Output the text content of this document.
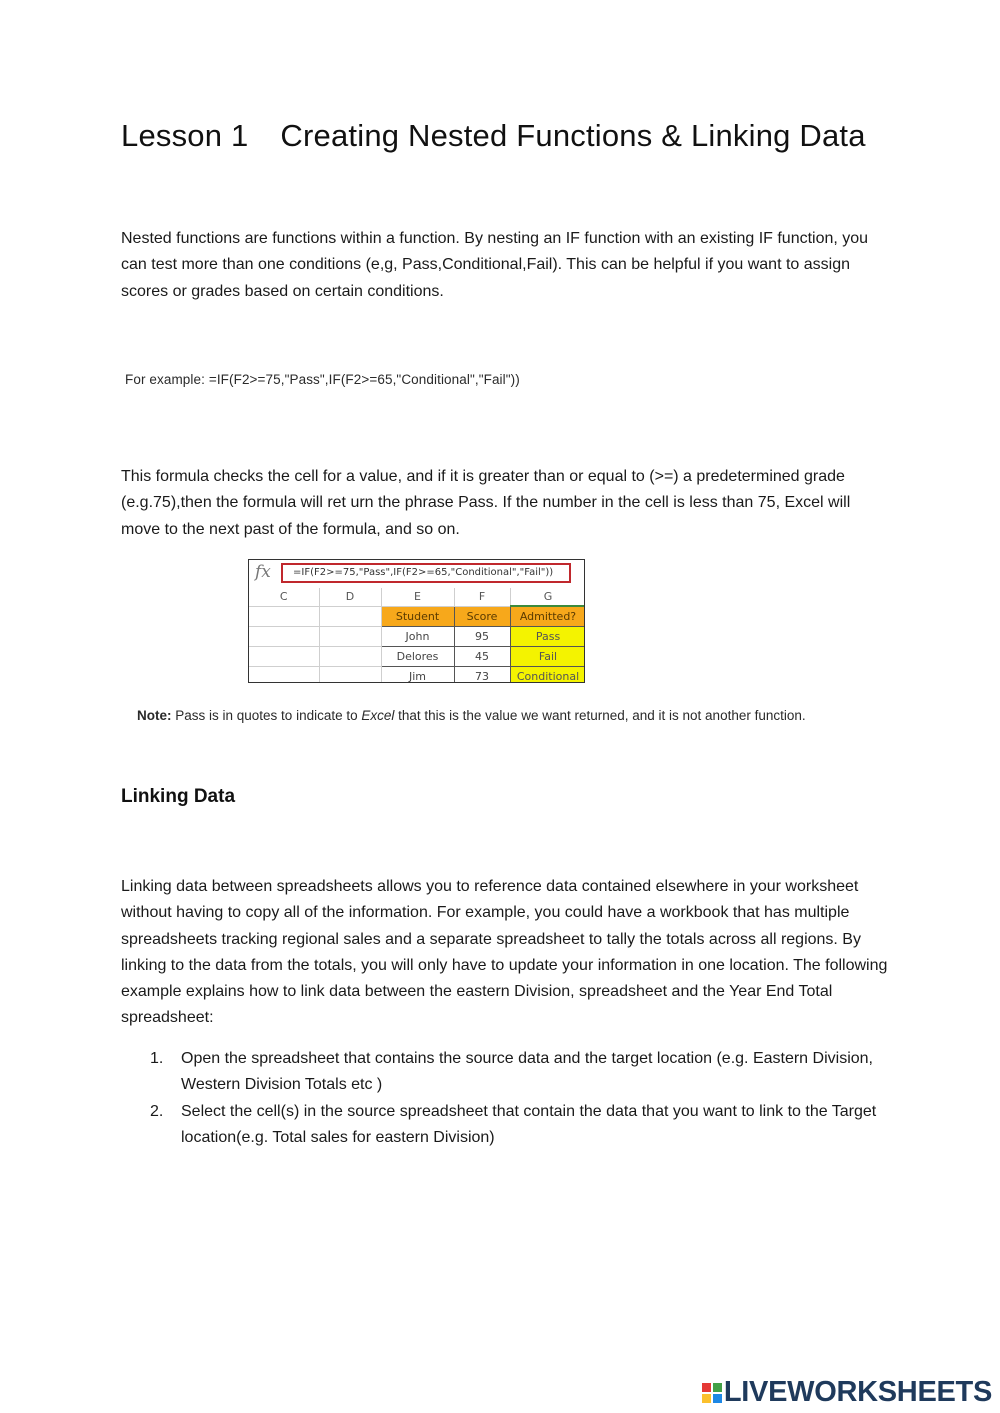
Lesson 1 Creating Nested Functions & Linking Data

Nested functions are functions within a function. By nesting an IF function with an existing IF function, you can test more than one conditions (e,g, Pass,Conditional,Fail). This can be helpful if you want to assign scores or grades based on certain conditions.

For example: =IF(F2>=75,"Pass",IF(F2>=65,"Conditional","Fail"))

This formula checks the cell for a value, and if it is greater than or equal to (>=) a predetermined grade (e.g.75),then the formula will ret urn the phrase Pass. If the number in the cell is less than 75, Excel will move to the next past of the formula, and so on.

fx	=IF(F2>=75,"Pass",IF(F2>=65,"Conditional","Fail"))
C	D	E	F	G
		Student	Score	Admitted?
		John	95	Pass
		Delores	45	Fail
		Jim	73	Conditional
Note: Pass is in quotes to indicate to Excel that this is the value we want returned, and it is not another function.
Linking Data

Linking data between spreadsheets allows you to reference data contained elsewhere in your worksheet without having to copy all of the information. For example, you could have a workbook that has multiple spreadsheets tracking regional sales and a separate spreadsheet to tally the totals across all regions. By linking to the data from the totals, you will only have to update your information in one location. The following example explains how to link data between the eastern Division, spreadsheet and the Year End Total spreadsheet:

1. Open the spreadsheet that contains the source data and the target location (e.g. Eastern Division, Western Division Totals etc )
2. Select the cell(s) in the source spreadsheet that contain the data that you want to link to the Target location(e.g. Total sales for eastern Division)
LIVEWORKSHEETS
